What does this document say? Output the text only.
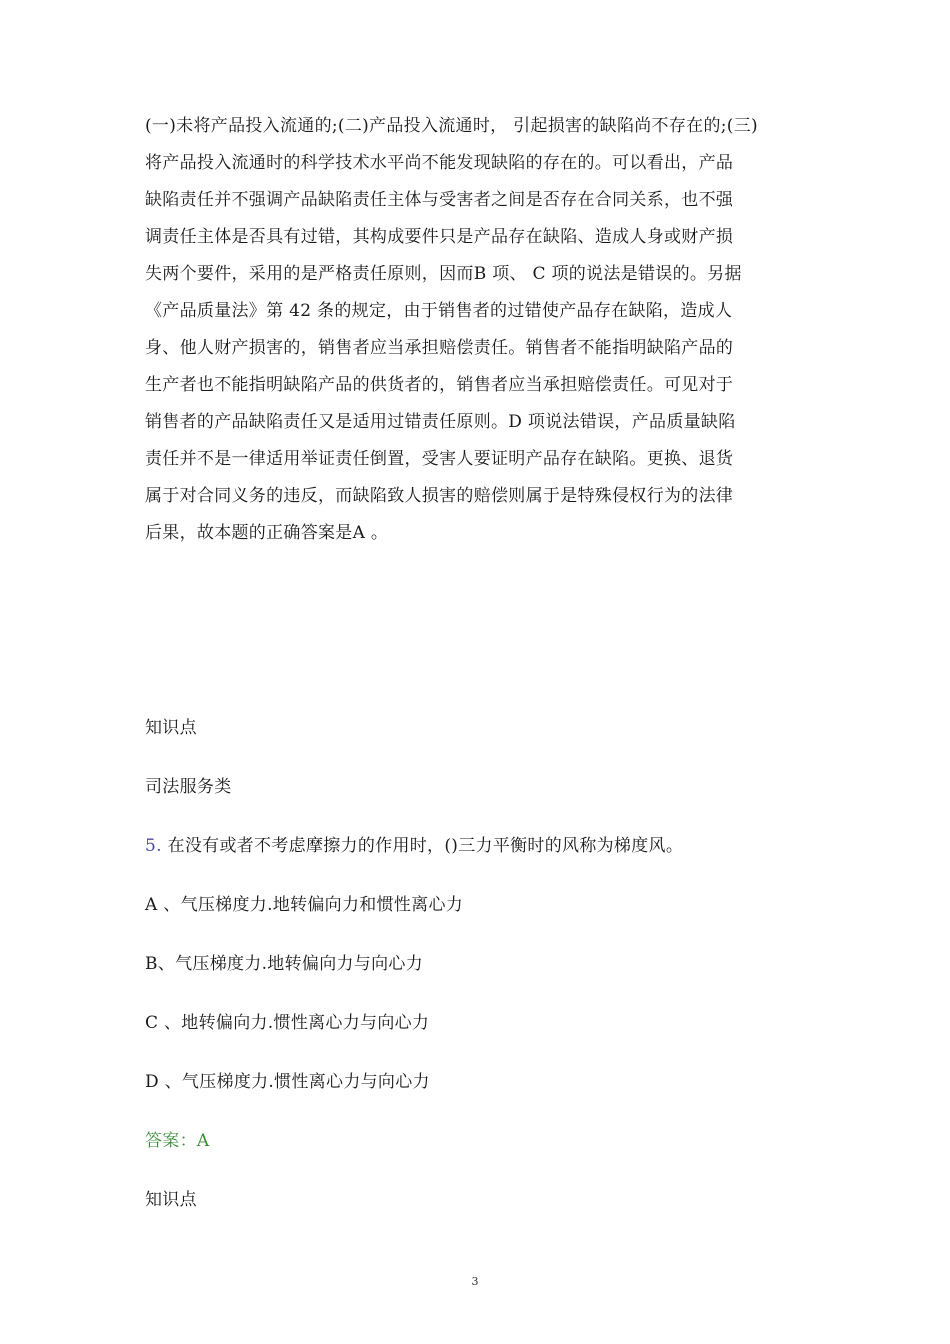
(一)未将产品投入流通的;(二)产品投入流通时， 引起损害的缺陷尚不存在的;(三)
将产品投入流通时的科学技术水平尚不能发现缺陷的存在的。可以看出，产品
缺陷责任并不强调产品缺陷责任主体与受害者之间是否存在合同关系，也不强
调责任主体是否具有过错，其构成要件只是产品存在缺陷、造成人身或财产损
失两个要件，采用的是严格责任原则，因而B 项、 C 项的说法是错误的。另据
《产品质量法》第 42 条的规定，由于销售者的过错使产品存在缺陷，造成人
身、他人财产损害的，销售者应当承担赔偿责任。销售者不能指明缺陷产品的
生产者也不能指明缺陷产品的供货者的，销售者应当承担赔偿责任。可见对于
销售者的产品缺陷责任又是适用过错责任原则。D 项说法错误，产品质量缺陷
责任并不是一律适用举证责任倒置，受害人要证明产品存在缺陷。更换、退货
属于对合同义务的违反，而缺陷致人损害的赔偿则属于是特殊侵权行为的法律
后果，故本题的正确答案是A 。
知识点
司法服务类
5. 在没有或者不考虑摩擦力的作用时，()三力平衡时的风称为梯度风。
A 、气压梯度力.地转偏向力和惯性离心力
B、气压梯度力.地转偏向力与向心力
C 、地转偏向力.惯性离心力与向心力
D 、气压梯度力.惯性离心力与向心力
答案：A
知识点
3
